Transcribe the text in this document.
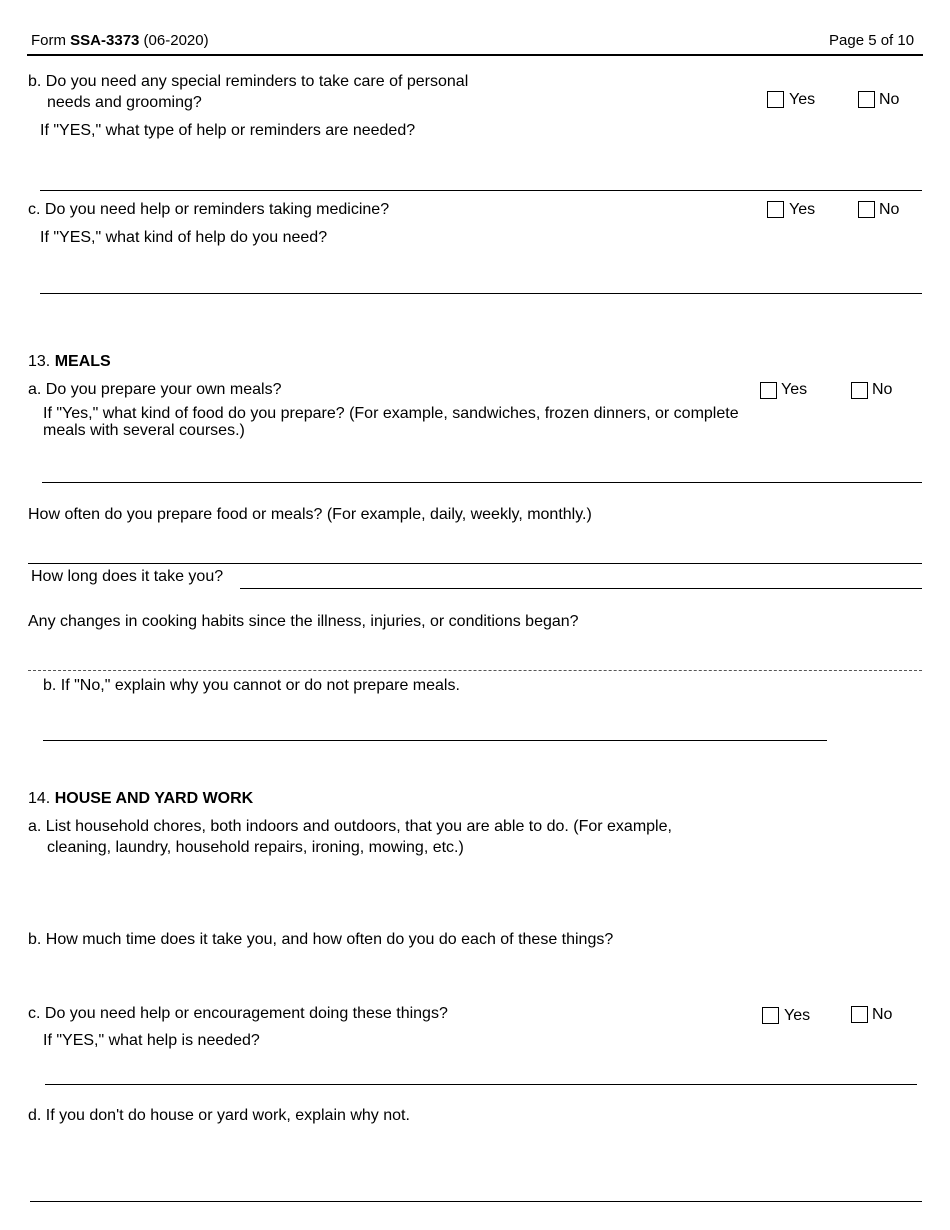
Form SSA-3373 (06-2020)	Page 5 of 10
b. Do you need any special reminders to take care of personal
needs and grooming?	Yes	No
If "YES," what type of help or reminders are needed?
c. Do you need help or reminders taking medicine?	Yes	No
If "YES," what kind of help do you need?
13. MEALS
a. Do you prepare your own meals?	Yes	No
If "Yes," what kind of food do you prepare? (For example, sandwiches, frozen dinners, or complete
meals with several courses.)
How often do you prepare food or meals? (For example, daily, weekly, monthly.)
How long does it take you?
Any changes in cooking habits since the illness, injuries, or conditions began?
b. If "No," explain why you cannot or do not prepare meals.
14. HOUSE AND YARD WORK
a. List household chores, both indoors and outdoors, that you are able to do. (For example,
cleaning, laundry, household repairs, ironing, mowing, etc.)
b. How much time does it take you, and how often do you do each of these things?
c. Do you need help or encouragement doing these things?	Yes	No
If "YES," what help is needed?
d. If you don't do house or yard work, explain why not.
